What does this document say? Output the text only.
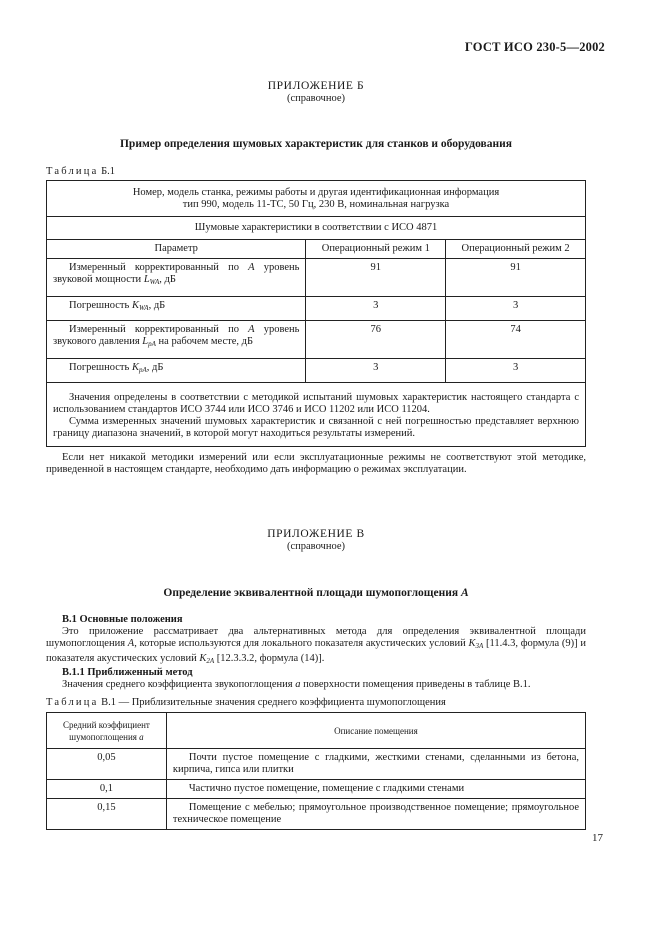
ГОСТ ИСО 230-5—2002
ПРИЛОЖЕНИЕ Б
(справочное)
Пример определения шумовых характеристик для станков и оборудования
Таблица Б.1
Номер, модель станка, режимы работы и другая идентификационная информация
тип 990, модель 11-ТС, 50 Гц, 230 В, номинальная нагрузка		

Шумовые характеристики в соответствии с ИСО 4871		
Параметр	Операционный режим 1	Операционный режим 2
Измеренный корректированный по A уровень звуковой мощности $L_{WA}$, дБ	91	91
Погрешность $K_{WA}$, дБ	3	3
Измеренный корректированный по A уровень звукового давления $L_{pA}$ на рабочем месте, дБ	76	74
Погрешность $K_{pA}$, дБ	3	3

Значения определены в соответствии с методикой испытаний шумовых характеристик настоящего стандарта с использованием стандартов ИСО 3744 или ИСО 3746 и ИСО 11202 или ИСО 11204.
Сумма измеренных значений шумовых характеристик и связанной с ней погрешностью представляет верхнюю границу диапазона значений, в которой могут находиться результаты измерений.		
Если нет никакой методики измерений или если эксплуатационные режимы не соответствуют этой методике, приведенной в настоящем стандарте, необходимо дать информацию о режимах эксплуатации.
ПРИЛОЖЕНИЕ В
(справочное)
Определение эквивалентной площади шумопоглощения A
В.1 Основные положения
Это приложение рассматривает два альтернативных метода для определения эквивалентной площади шумопоглощения A, которые используются для локального показателя акустических условий $K_{3A}$ [11.4.3, формула (9)] и показателя акустических условий $K_{2A}$ [12.3.3.2, формула (14)].
В.1.1 Приближенный метод
Значения среднего коэффициента звукопоглощения a поверхности помещения приведены в таблице В.1.
Таблица В.1 — Приблизительные значения среднего коэффициента шумопоглощения
Средний коэффициент
шумопоглощения a	Описание помещения
0,05	Почти пустое помещение с гладкими, жесткими стенами, сделанными из бетона, кирпича, гипса или плитки
0,1	Частично пустое помещение, помещение с гладкими стенами
0,15	Помещение с мебелью; прямоугольное производственное помещение; прямоугольное техническое помещение
17
